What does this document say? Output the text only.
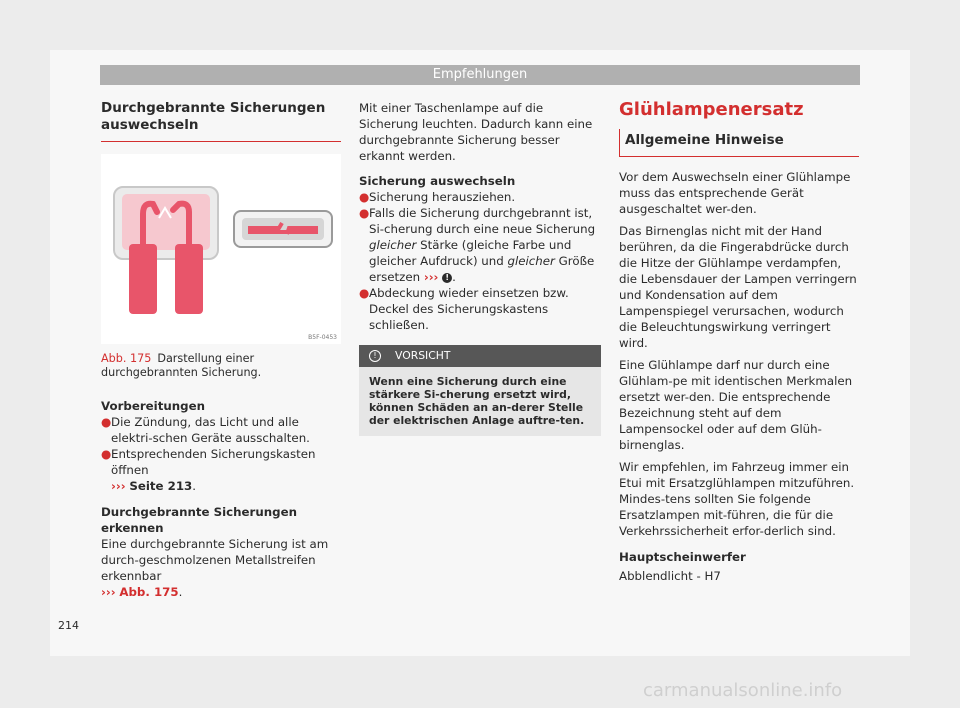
Empfehlungen
Durchgebrannte Sicherungen auswechseln
B5F-0453
Abb. 175 Darstellung einer durchgebrannten Sicherung.

Vorbereitungen

● Die Zündung, das Licht und alle elektri-schen Geräte ausschalten.
● Entsprechenden Sicherungskasten öffnen
››› Seite 213.

Durchgebrannte Sicherungen erkennen

Eine durchgebrannte Sicherung ist am durch-geschmolzenen Metallstreifen erkennbar
››› Abb. 175.

Mit einer Taschenlampe auf die Sicherung leuchten. Dadurch kann eine durchgebrannte Sicherung besser erkannt werden.

Sicherung auswechseln

● Sicherung herausziehen.
● Falls die Sicherung durchgebrannt ist, Si-cherung durch eine neue Sicherung gleicher Stärke (gleiche Farbe und gleicher Aufdruck) und gleicher Größe ersetzen ››› ! .
● Abdeckung wieder einsetzen bzw. Deckel des Sicherungskastens schließen.
!	VORSICHT
Wenn eine Sicherung durch eine stärkere Si-cherung ersetzt wird, können Schäden an an-derer Stelle der elektrischen Anlage auftre-ten.
Glühlampenersatz
Allgemeine Hinweise

Vor dem Auswechseln einer Glühlampe muss das entsprechende Gerät ausgeschaltet wer-den.

Das Birnenglas nicht mit der Hand berühren, da die Fingerabdrücke durch die Hitze der Glühlampe verdampfen, die Lebensdauer der Lampen verringern und Kondensation auf dem Lampenspiegel verursachen, wodurch die Beleuchtungswirkung verringert wird.

Eine Glühlampe darf nur durch eine Glühlam-pe mit identischen Merkmalen ersetzt wer-den. Die entsprechende Bezeichnung steht auf dem Lampensockel oder auf dem Glüh-birnenglas.

Wir empfehlen, im Fahrzeug immer ein Etui mit Ersatzglühlampen mitzuführen. Mindes-tens sollten Sie folgende Ersatzlampen mit-führen, die für die Verkehrssicherheit erfor-derlich sind.

Hauptscheinwerfer

Abblendlicht - H7

214
carmanualsonline.info
